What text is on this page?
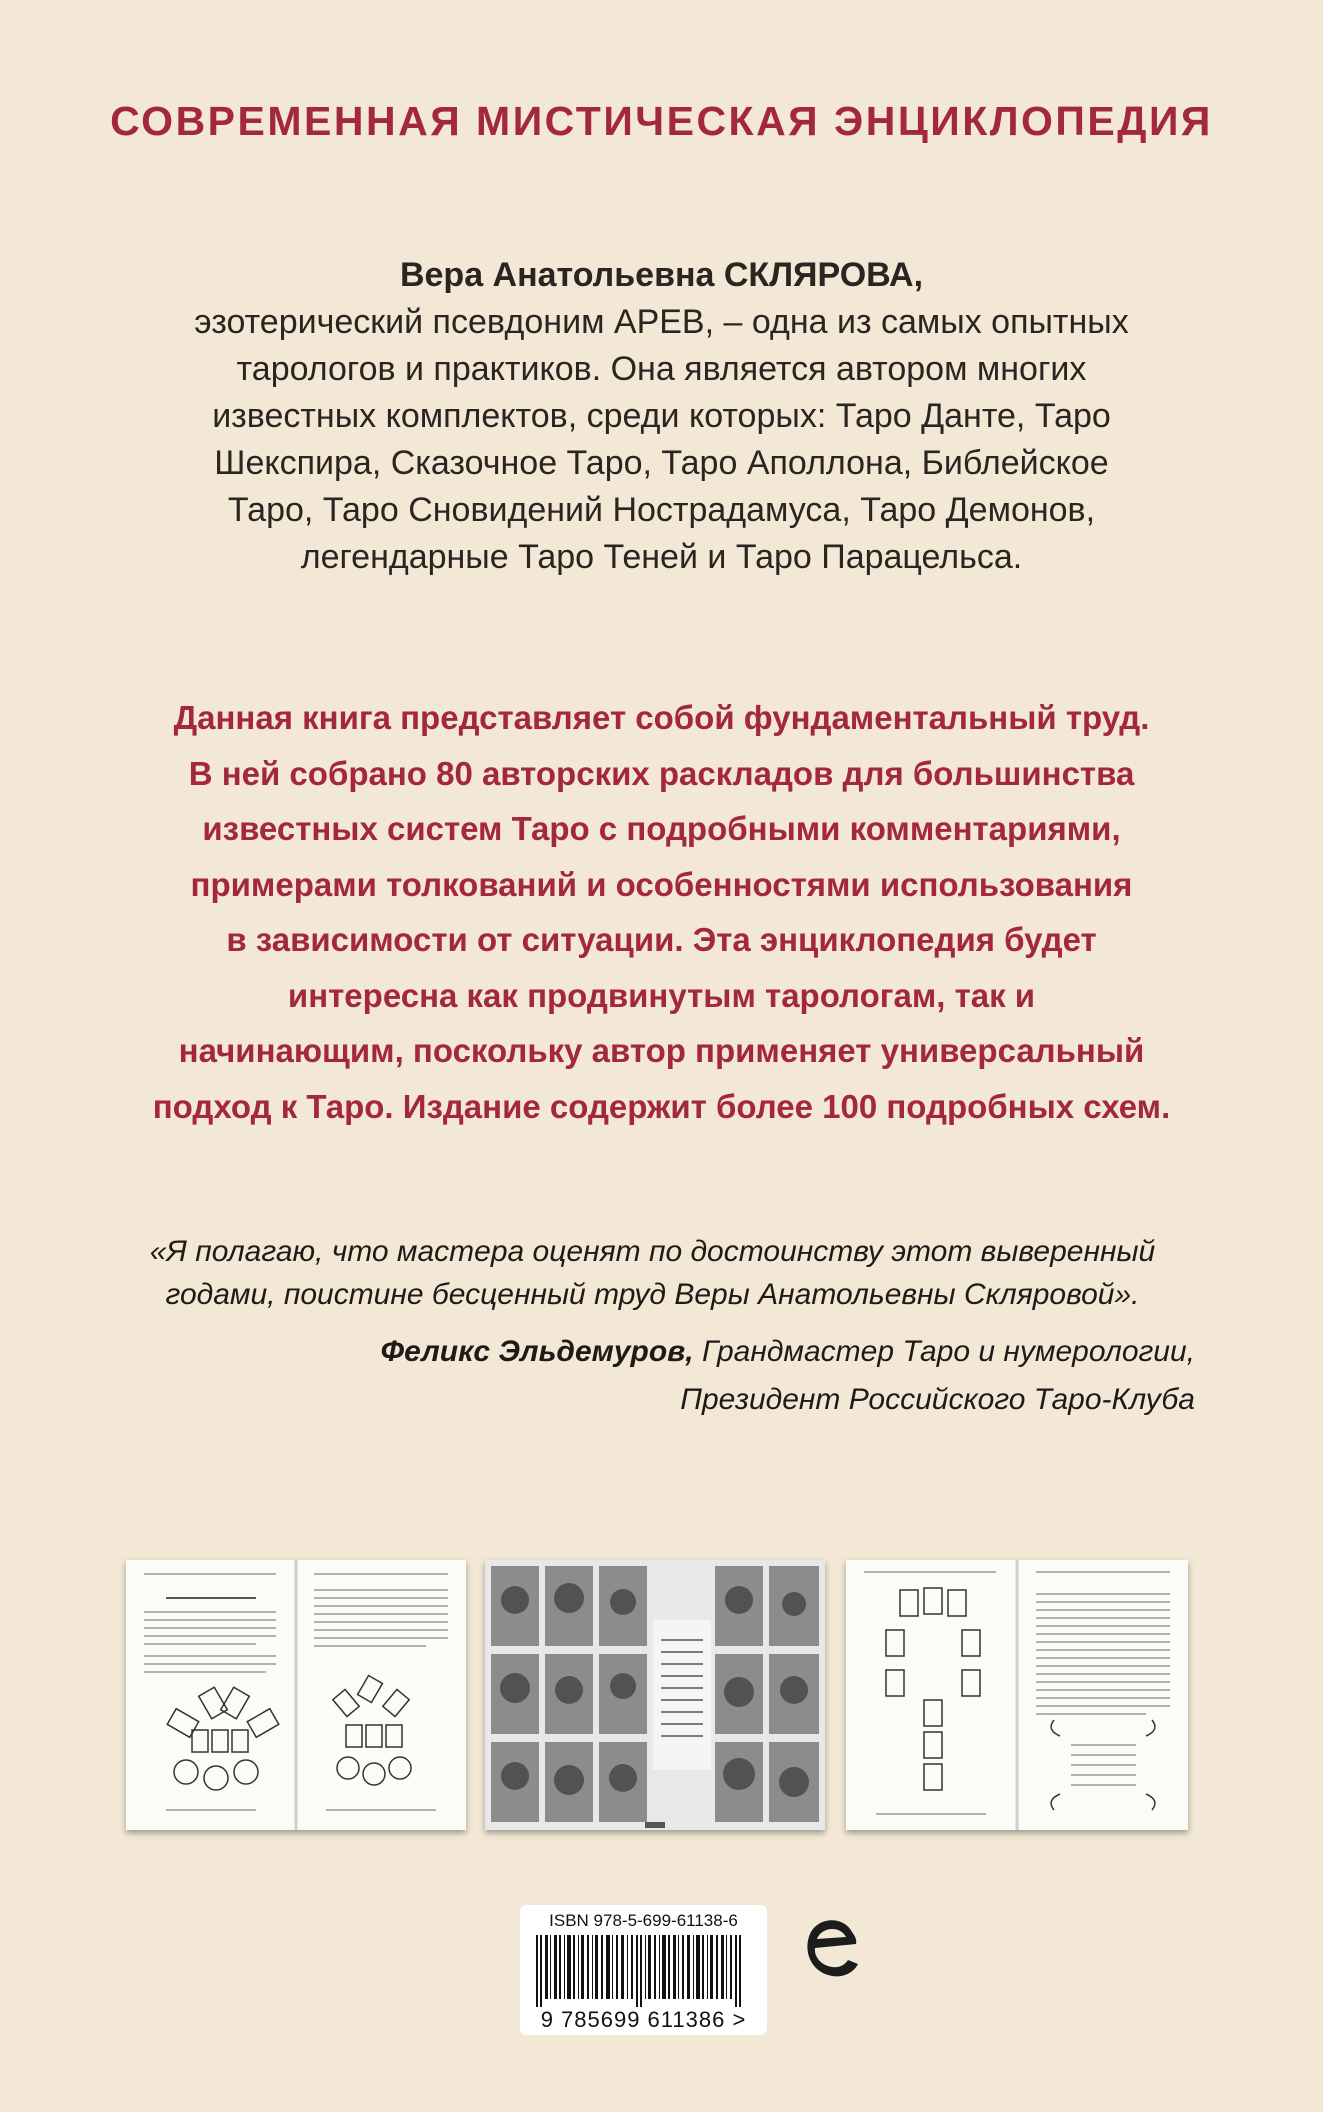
СОВРЕМЕННАЯ МИСТИЧЕСКАЯ ЭНЦИКЛОПЕДИЯ
Вера Анатольевна СКЛЯРОВА,
эзотерический псевдоним АРЕВ, – одна из самых опытных
тарологов и практиков. Она является автором многих
известных комплектов, среди которых: Таро Данте, Таро
Шекспира, Сказочное Таро, Таро Аполлона, Библейское
Таро, Таро Сновидений Нострадамуса, Таро Демонов,
легендарные Таро Теней и Таро Парацельса.
Данная книга представляет собой фундаментальный труд.
В ней собрано 80 авторских раскладов для большинства
известных систем Таро с подробными комментариями,
примерами толкований и особенностями использования
в зависимости от ситуации. Эта энциклопедия будет
интересна как продвинутым тарологам, так и
начинающим, поскольку автор применяет универсальный
подход к Таро. Издание содержит более 100 подробных схем.
«Я полагаю, что мастера оценят по достоинству этот выверенный
годами, поистине бесценный труд Веры Анатольевны Скляровой».
Феликс Эльдемуров, Грандмастер Таро и нумерологии,
Президент Российского Таро-Клуба
ISBN 978-5-699-61138-6
9 785699 611386 >
